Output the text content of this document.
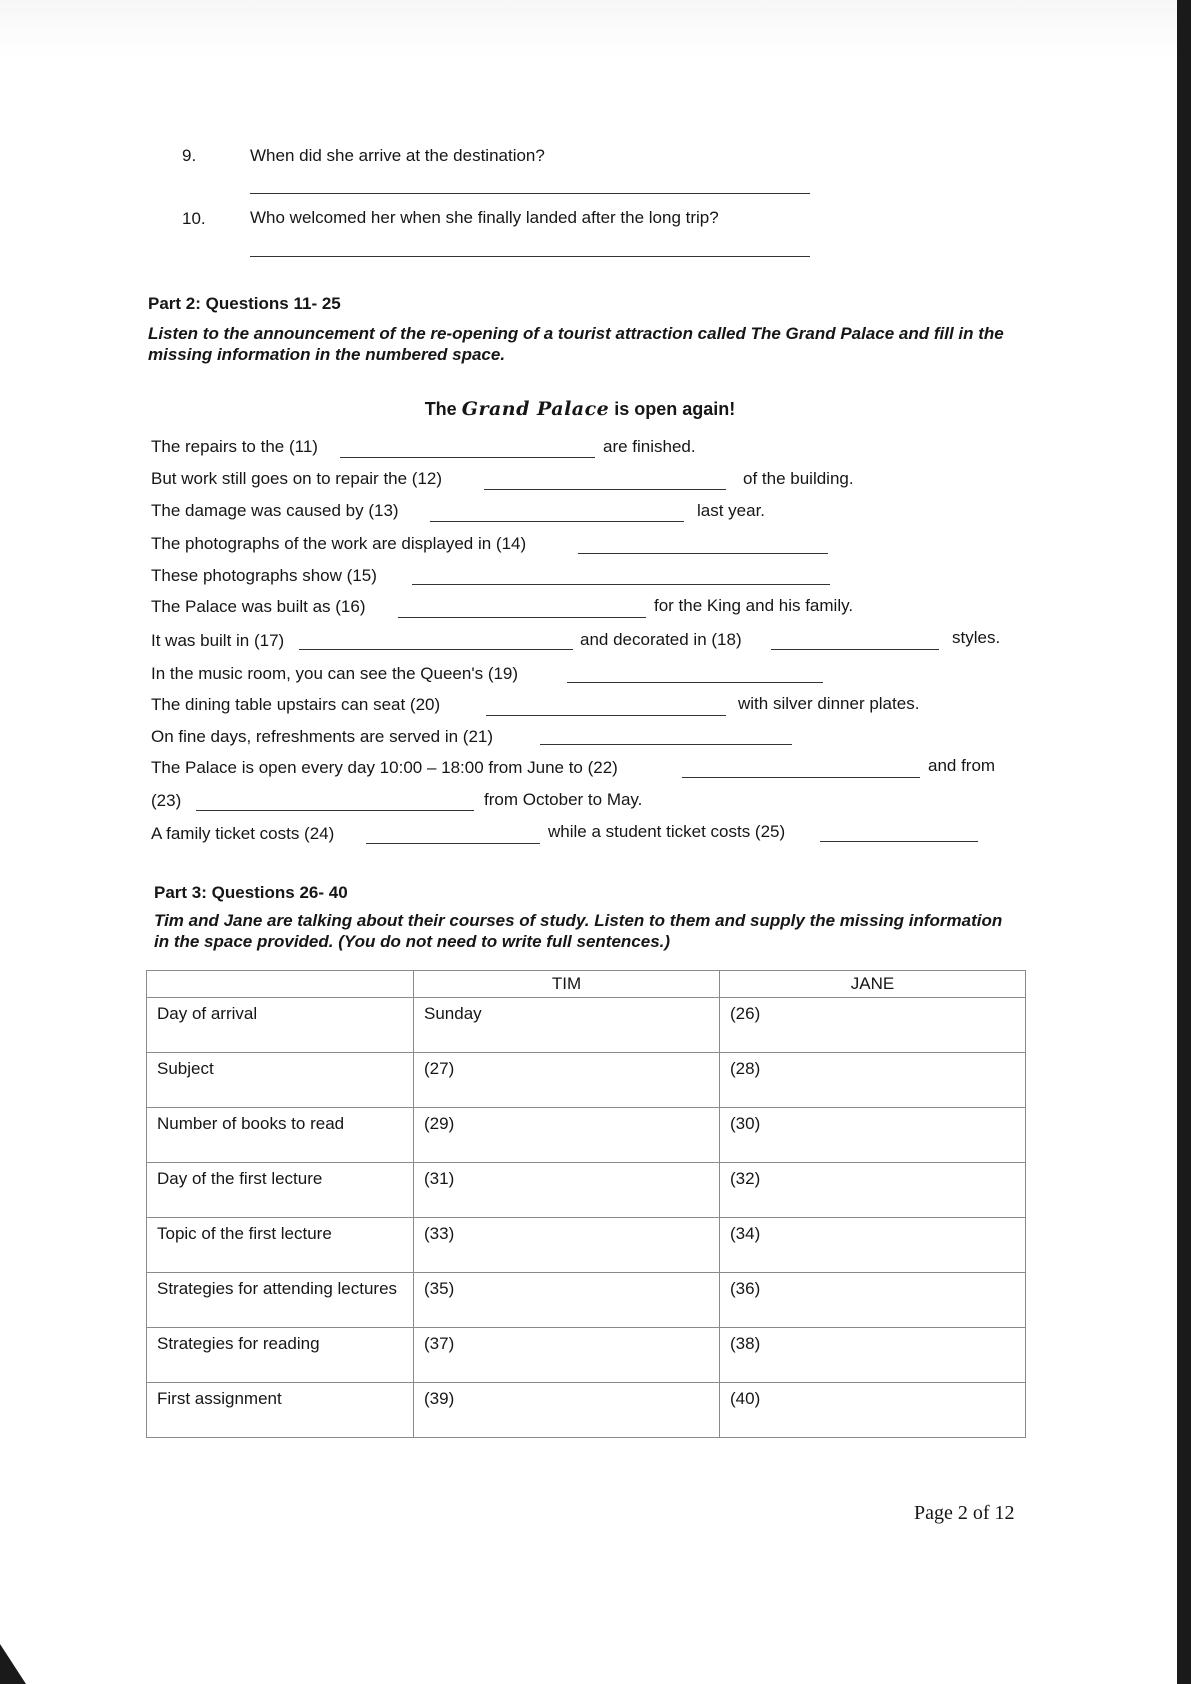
9.	When did she arrive at the destination?
10.	Who welcomed her when she finally landed after the long trip?
Part 2: Questions 11- 25
Listen to the announcement of the re-opening of a tourist attraction called The Grand Palace and fill in the missing information in the numbered space.
The Grand Palace is open again!
The repairs to the (11)	are finished.
But work still goes on to repair the (12)	of the building.
The damage was caused by (13)	last year.
The photographs of the work are displayed in (14)
These photographs show (15)
The Palace was built as (16)	for the King and his family.
It was built in (17)	and decorated in (18)	styles.
In the music room, you can see the Queen's (19)
The dining table upstairs can seat (20)	with silver dinner plates.
On fine days, refreshments are served in (21)
The Palace is open every day 10:00 – 18:00 from June to (22)	and from
(23)	from October to May.
A family ticket costs (24)	while a student ticket costs (25)
Part 3: Questions 26- 40
Tim and Jane are talking about their courses of study. Listen to them and supply the missing information in the space provided. (You do not need to write full sentences.)
	TIM	JANE
Day of arrival	Sunday	(26)
Subject	(27)	(28)
Number of books to read	(29)	(30)
Day of the first lecture	(31)	(32)
Topic of the first lecture	(33)	(34)
Strategies for attending lectures	(35)	(36)
Strategies for reading	(37)	(38)
First assignment	(39)	(40)
Page 2 of 12
